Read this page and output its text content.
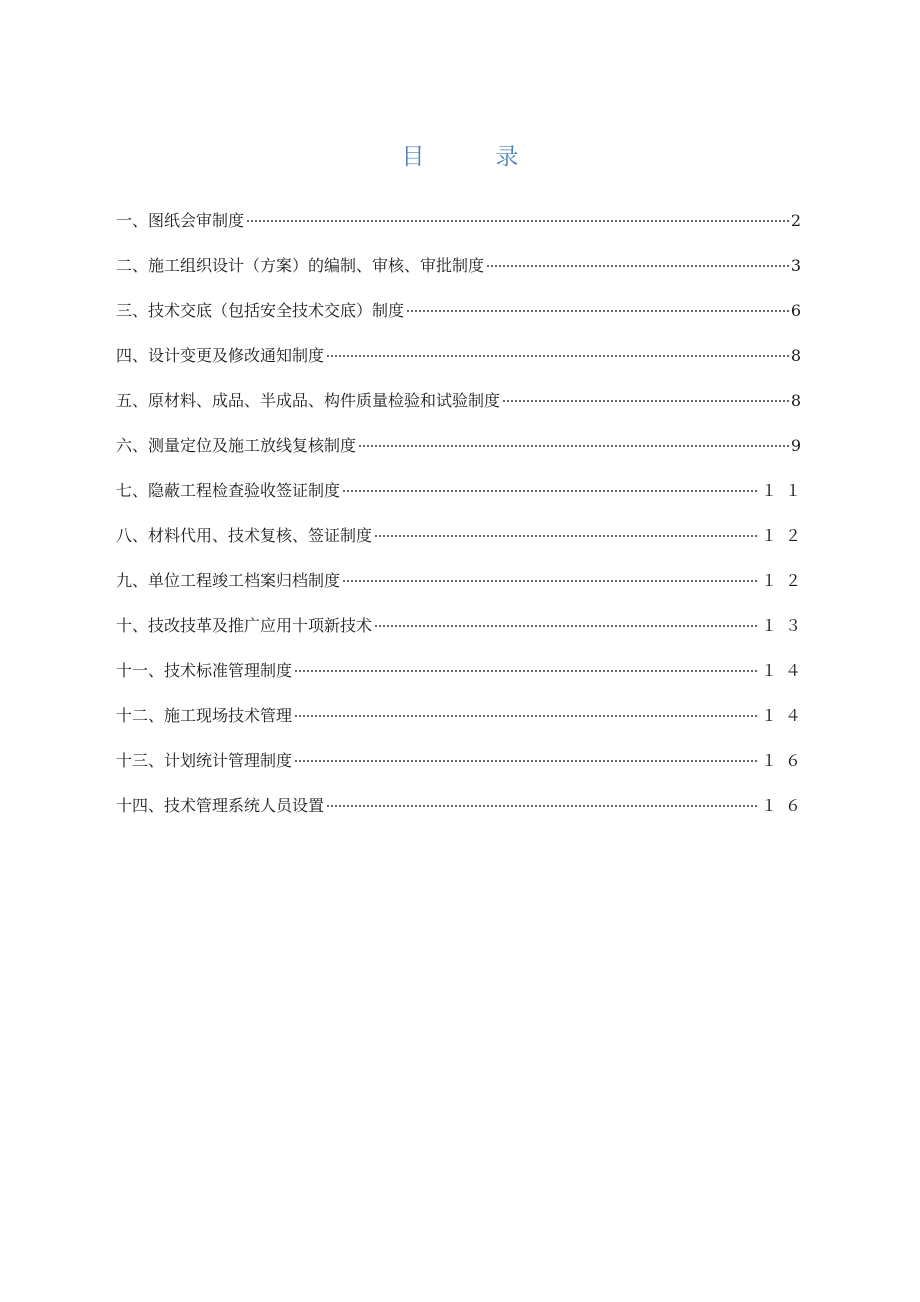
目　录
一、图纸会审制度	2
二、施工组织设计（方案）的编制、审核、审批制度	3
三、技术交底（包括安全技术交底）制度	6
四、设计变更及修改通知制度	8
五、原材料、成品、半成品、构件质量检验和试验制度	8
六、测量定位及施工放线复核制度	9
七、隐蔽工程检查验收签证制度	１１
八、材料代用、技术复核、签证制度	１２
九、单位工程竣工档案归档制度	１２
十、技改技革及推广应用十项新技术	１３
十一、技术标准管理制度	１４
十二、施工现场技术管理	１４
十三、计划统计管理制度	１６
十四、技术管理系统人员设置	１６
